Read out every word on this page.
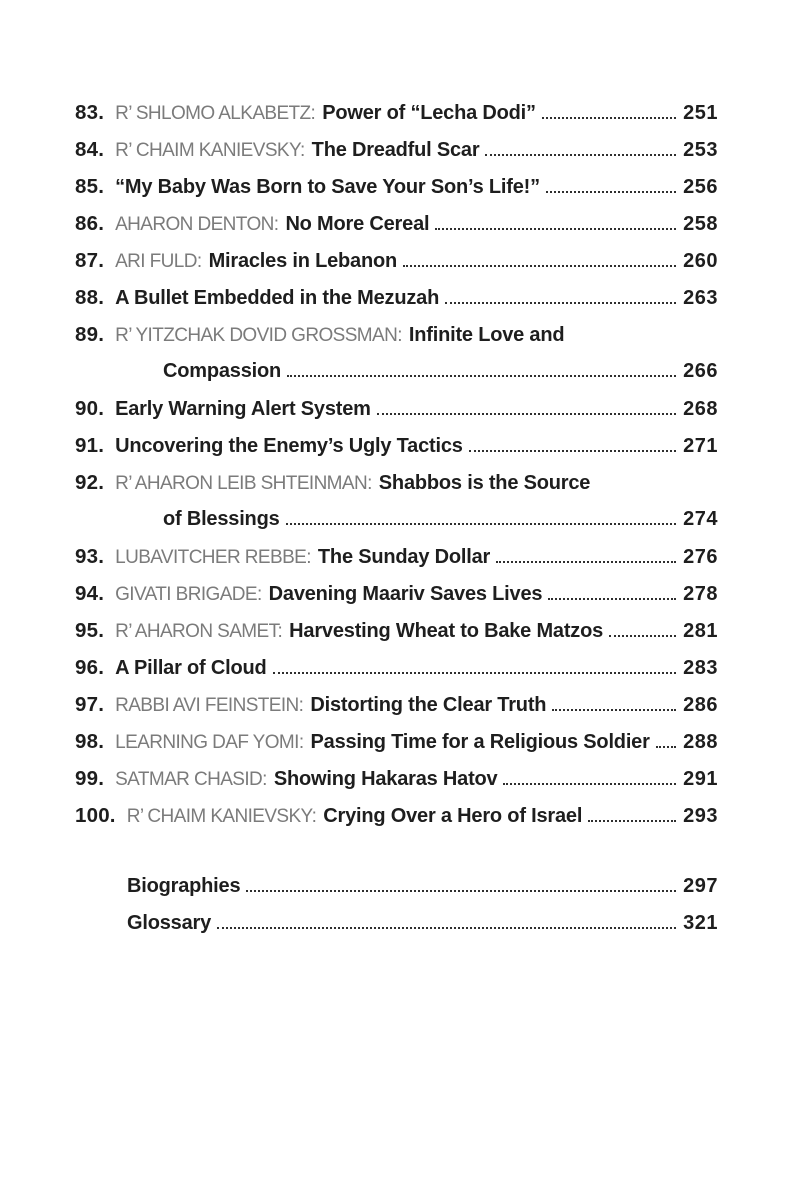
83. R’ SHLOMO ALKABETZ: Power of “Lecha Dodi”	251
84. R’ CHAIM KANIEVSKY: The Dreadful Scar	253
85. “My Baby Was Born to Save Your Son’s Life!”	256
86. AHARON DENTON: No More Cereal	258
87. ARI FULD: Miracles in Lebanon	260
88. A Bullet Embedded in the Mezuzah	263
89. R’ YITZCHAK DOVID GROSSMAN: Infinite Love and
Compassion	266
90. Early Warning Alert System	268
91. Uncovering the Enemy’s Ugly Tactics	271
92. R’ AHARON LEIB SHTEINMAN: Shabbos is the Source
of Blessings	274
93. LUBAVITCHER REBBE: The Sunday Dollar	276
94. GIVATI BRIGADE: Davening Maariv Saves Lives	278
95. R’ AHARON SAMET: Harvesting Wheat to Bake Matzos	281
96. A Pillar of Cloud	283
97. RABBI AVI FEINSTEIN: Distorting the Clear Truth	286
98. LEARNING DAF YOMI: Passing Time for a Religious Soldier 288
99. SATMAR CHASID: Showing Hakaras Hatov	291
100. R’ CHAIM KANIEVSKY: Crying Over a Hero of Israel	293
Biographies	297
Glossary	321
